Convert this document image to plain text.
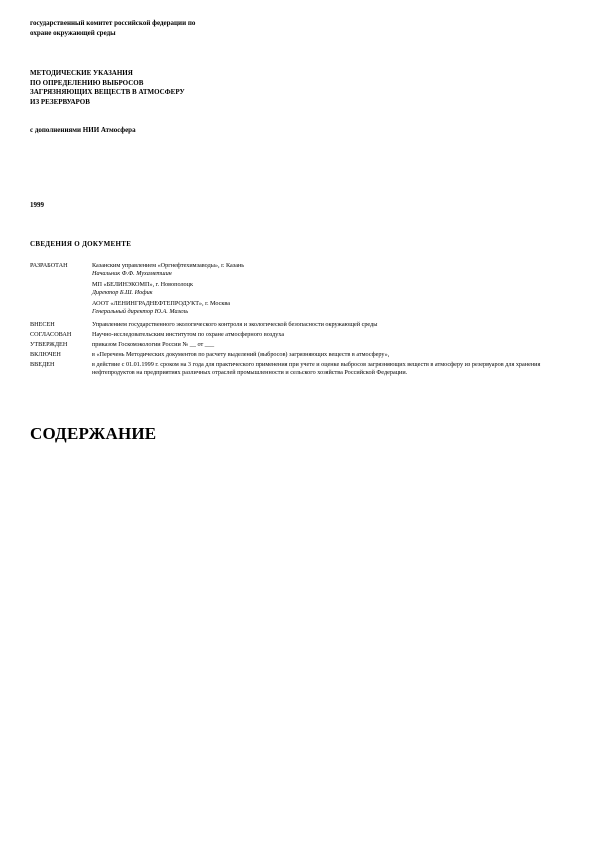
государственный комитет российской федерации по
охране окружающей среды
МЕТОДИЧЕСКИЕ УКАЗАНИЯ
ПО ОПРЕДЕЛЕНИЮ ВЫБРОСОВ
ЗАГРЯЗНЯЮЩИХ ВЕЩЕСТВ В АТМОСФЕРУ
ИЗ РЕЗЕРВУАРОВ
с дополнениями НИИ Атмосфера
1999
СВЕДЕНИЯ О ДОКУМЕНТЕ
РАЗРАБОТАН	Казанским управлением «Оргнефтехимзаводы», г. Казань
Начальник Ф.Ф. Мухаметшин
МП «БЕЛИНЭКОМП», г. Новополоцк
Директор Б.Ш. Иофик
АООТ «ЛЕНИНГРАДНЕФТЕПРОДУКТ», г. Москва
Генеральный директор Ю.А. Мазель
ВНЕСЕН	Управлением государственного экологического контроля и экологической безопасности окружающей среды
СОГЛАСОВАН	Научно-исследовательским институтом по охране атмосферного воздуха
УТВЕРЖДЕН	приказом Госкомэкологии России № __ от ___
ВКЛЮЧЕН	в «Перечень Методических документов по расчету выделений (выбросов) загрязняющих веществ в атмосферу»,
ВВЕДЕН	в действие с 01.01.1999 г. сроком на 3 года для практического применения при учете и оценке выбросов загрязняющих веществ в атмосферу из резервуаров для хранения нефтепродуктов на предприятиях различных отраслей промышленности и сельского хозяйства Российской Федерации.
СОДЕРЖАНИЕ
